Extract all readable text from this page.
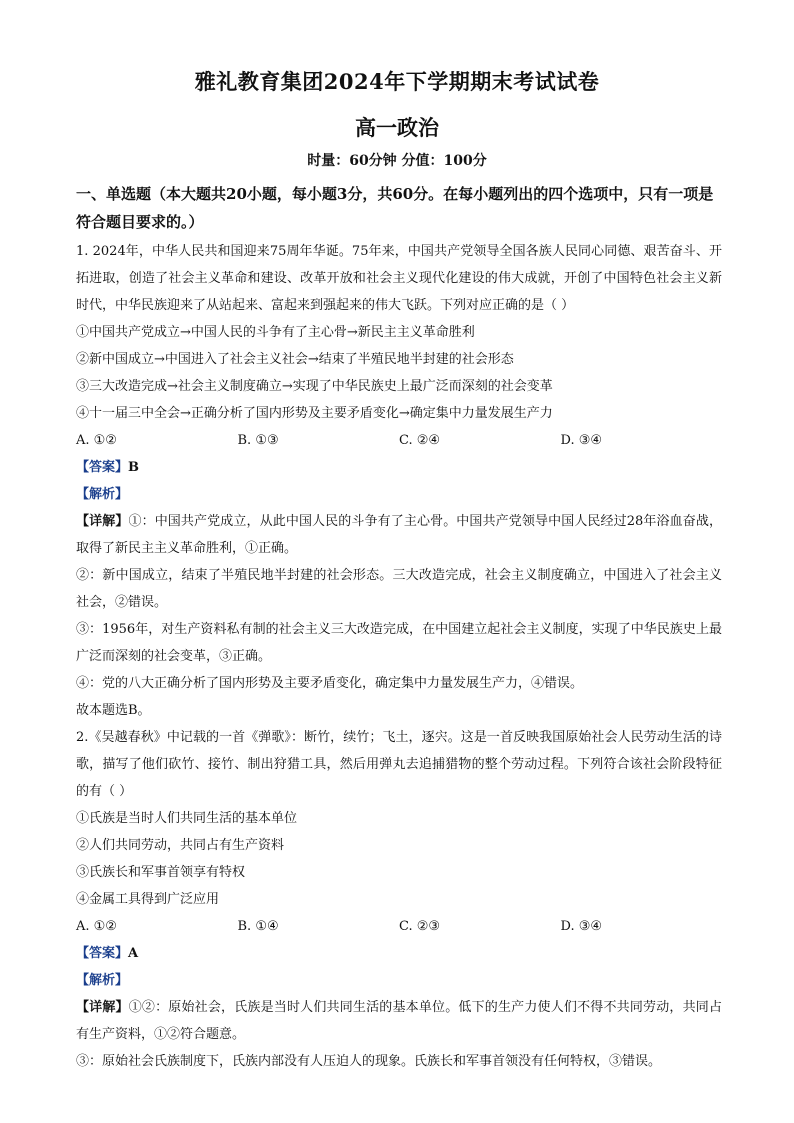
雅礼教育集团2024年下学期期末考试试卷
高一政治
时量：60分钟 分值：100分

一、单选题（本大题共20小题，每小题3分，共60分。在每小题列出的四个选项中，只有一项是符合题目要求的。）

1. 2024年，中华人民共和国迎来75周年华诞。75年来，中国共产党领导全国各族人民同心同德、艰苦奋斗、开拓进取，创造了社会主义革命和建设、改革开放和社会主义现代化建设的伟大成就，开创了中国特色社会主义新时代，中华民族迎来了从站起来、富起来到强起来的伟大飞跃。下列对应正确的是（ ）

①中国共产党成立→中国人民的斗争有了主心骨→新民主主义革命胜利

②新中国成立→中国进入了社会主义社会→结束了半殖民地半封建的社会形态

③三大改造完成→社会主义制度确立→实现了中华民族史上最广泛而深刻的社会变革

④十一届三中全会→正确分析了国内形势及主要矛盾变化→确定集中力量发展生产力

A. ①②	B. ①③	C. ②④	D. ③④

【答案】B

【解析】

【详解】①：中国共产党成立，从此中国人民的斗争有了主心骨。中国共产党领导中国人民经过28年浴血奋战，取得了新民主主义革命胜利，①正确。

②：新中国成立，结束了半殖民地半封建的社会形态。三大改造完成，社会主义制度确立，中国进入了社会主义社会，②错误。

③：1956年，对生产资料私有制的社会主义三大改造完成，在中国建立起社会主义制度，实现了中华民族史上最广泛而深刻的社会变革，③正确。

④：党的八大正确分析了国内形势及主要矛盾变化，确定集中力量发展生产力，④错误。

故本题选B。

2.《吴越春秋》中记载的一首《弹歌》：断竹，续竹；飞土，逐宍。这是一首反映我国原始社会人民劳动生活的诗歌，描写了他们砍竹、接竹、制出狩猎工具，然后用弹丸去追捕猎物的整个劳动过程。下列符合该社会阶段特征的有（ ）

①氏族是当时人们共同生活的基本单位

②人们共同劳动，共同占有生产资料

③氏族长和军事首领享有特权

④金属工具得到广泛应用

A. ①②	B. ①④	C. ②③	D. ③④

【答案】A

【解析】

【详解】①②：原始社会，氏族是当时人们共同生活的基本单位。低下的生产力使人们不得不共同劳动，共同占有生产资料，①②符合题意。

③：原始社会氏族制度下，氏族内部没有人压迫人的现象。氏族长和军事首领没有任何特权，③错误。
